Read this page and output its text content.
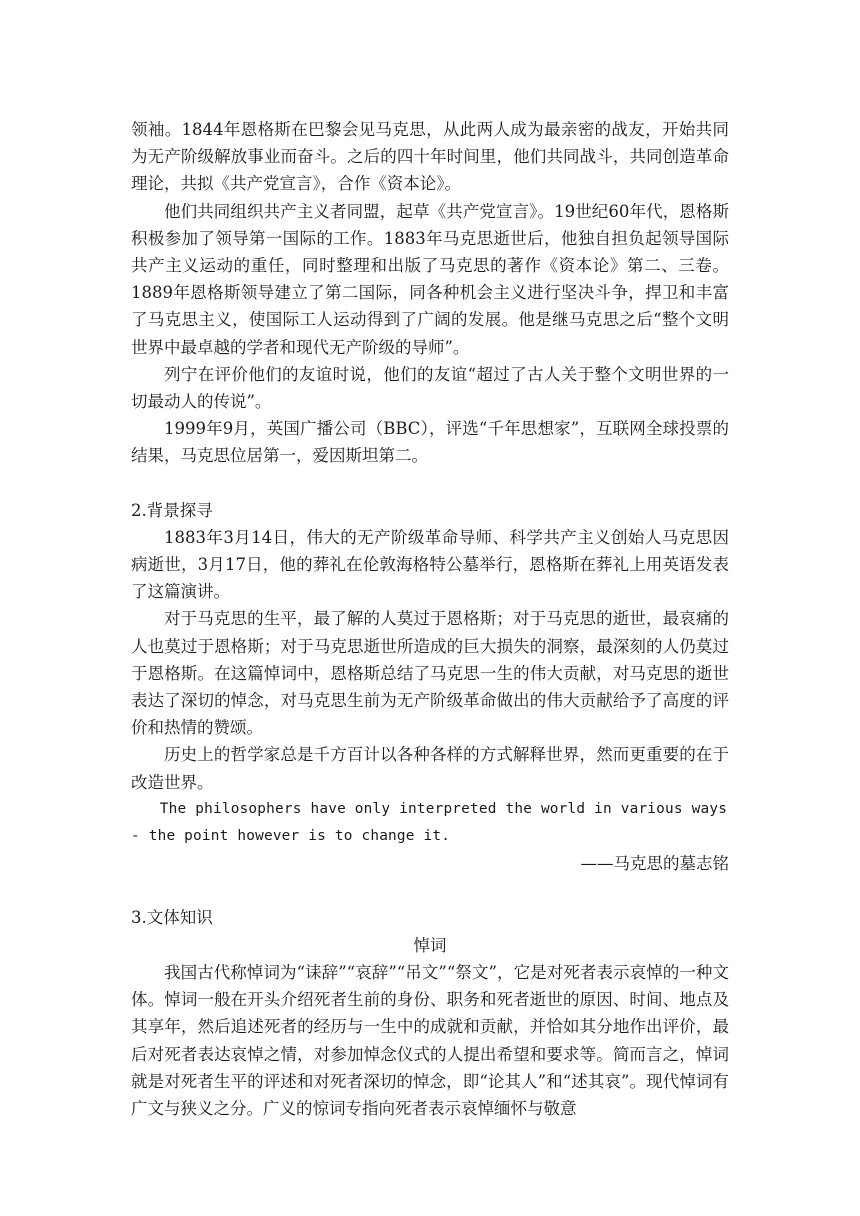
领袖。1844年恩格斯在巴黎会见马克思，从此两人成为最亲密的战友，开始共同为无产阶级解放事业而奋斗。之后的四十年时间里，他们共同战斗，共同创造革命理论，共拟《共产党宣言》，合作《资本论》。

他们共同组织共产主义者同盟，起草《共产党宣言》。19世纪60年代，恩格斯积极参加了领导第一国际的工作。1883年马克思逝世后，他独自担负起领导国际共产主义运动的重任，同时整理和出版了马克思的著作《资本论》第二、三卷。1889年恩格斯领导建立了第二国际，同各种机会主义进行坚决斗争，捍卫和丰富了马克思主义，使国际工人运动得到了广阔的发展。他是继马克思之后“整个文明世界中最卓越的学者和现代无产阶级的导师”。

列宁在评价他们的友谊时说，他们的友谊“超过了古人关于整个文明世界的一切最动人的传说”。

1999年9月，英国广播公司（BBC），评选“千年思想家”，互联网全球投票的结果，马克思位居第一，爱因斯坦第二。

2.背景探寻

1883年3月14日，伟大的无产阶级革命导师、科学共产主义创始人马克思因病逝世，3月17日，他的葬礼在伦敦海格特公墓举行，恩格斯在葬礼上用英语发表了这篇演讲。

对于马克思的生平，最了解的人莫过于恩格斯；对于马克思的逝世，最哀痛的人也莫过于恩格斯；对于马克思逝世所造成的巨大损失的洞察，最深刻的人仍莫过于恩格斯。在这篇悼词中，恩格斯总结了马克思一生的伟大贡献，对马克思的逝世表达了深切的悼念，对马克思生前为无产阶级革命做出的伟大贡献给予了高度的评价和热情的赞颂。

历史上的哲学家总是千方百计以各种各样的方式解释世界，然而更重要的在于改造世界。

The philosophers have only interpreted the world in various ways - the point however is to change it.

——马克思的墓志铭

3.文体知识

悼词

我国古代称悼词为“诔辞”“哀辞”“吊文”“祭文”，它是对死者表示哀悼的一种文体。悼词一般在开头介绍死者生前的身份、职务和死者逝世的原因、时间、地点及其享年，然后追述死者的经历与一生中的成就和贡献，并恰如其分地作出评价，最后对死者表达哀悼之情，对参加悼念仪式的人提出希望和要求等。简而言之，悼词就是对死者生平的评述和对死者深切的悼念，即“论其人”和“述其哀”。现代悼词有广文与狭义之分。广义的惊词专指向死者表示哀悼缅怀与敬意
